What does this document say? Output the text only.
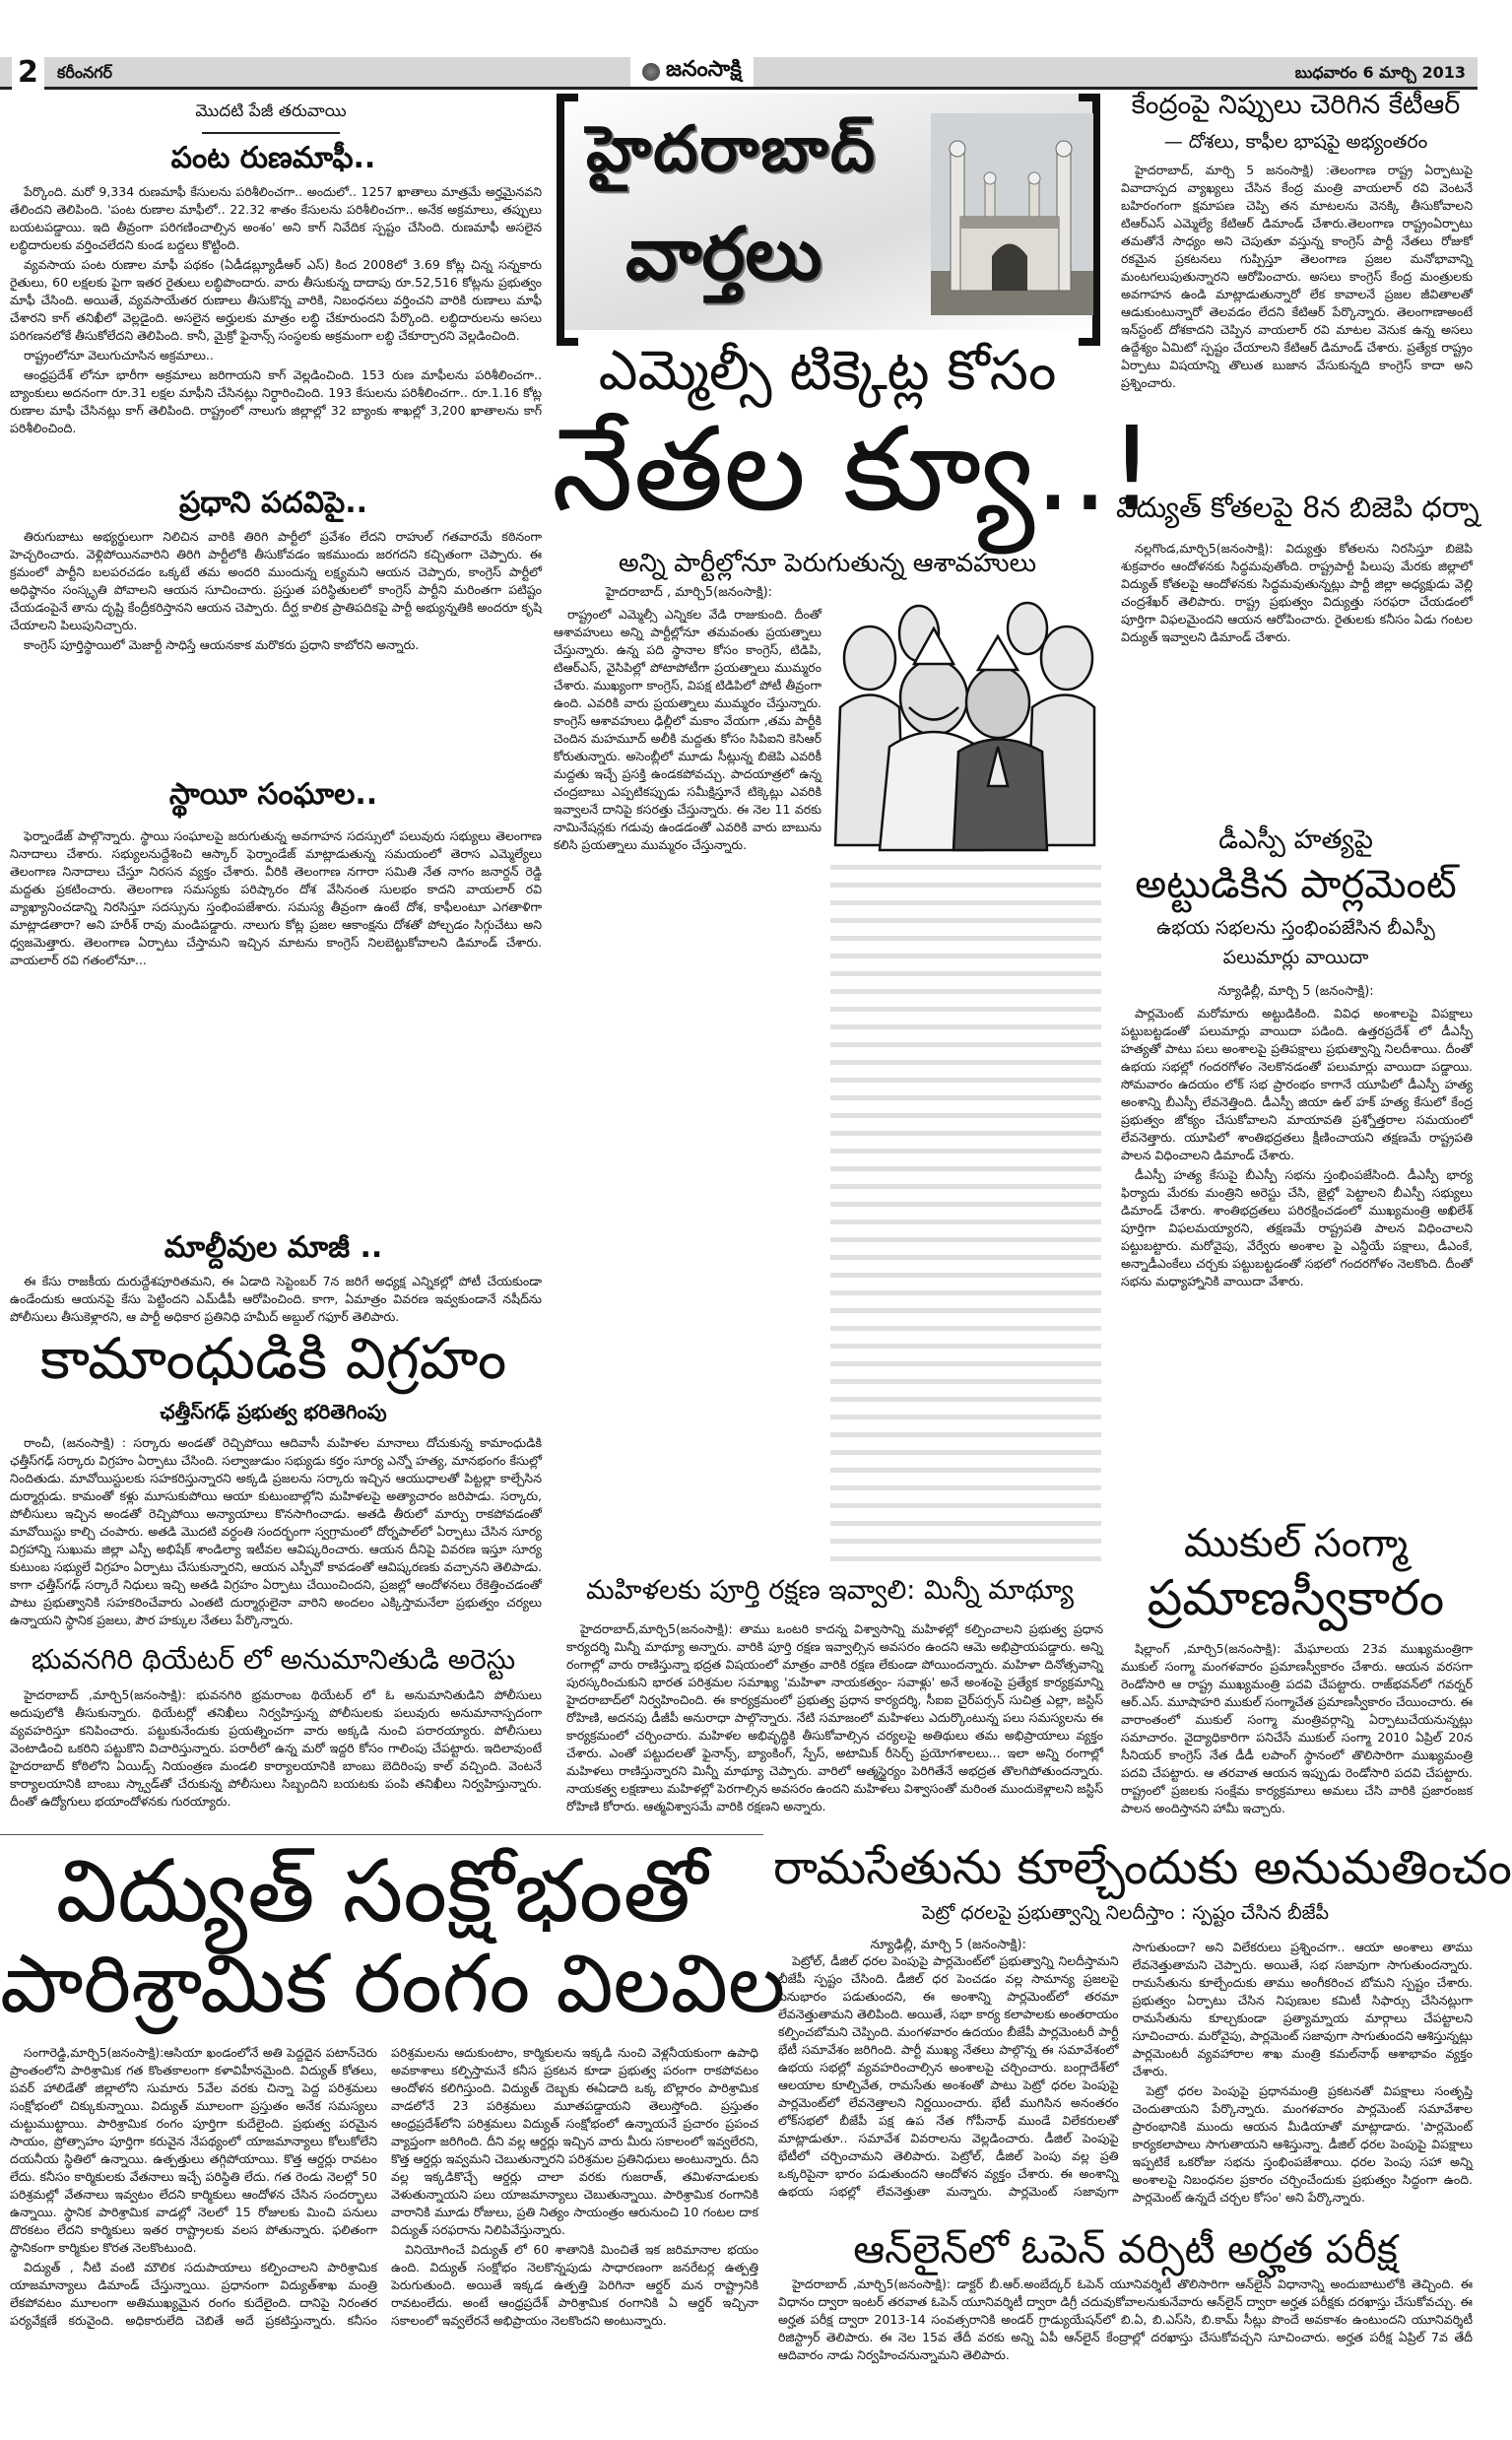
2	కరీంనగర్	జనంసాక్షి	బుధవారం 6 మార్చి 2013
మొదటి పేజీ తరువాయి
పంట రుణమాఫీ..

పేర్కొంది. మరో 9,334 రుణమాఫీ కేసులను పరిశీలించగా.. అందులో.. 1257 ఖాతాలు మాత్రమే అర్హమైనవని తేలిందని తెలిపింది. 'పంట రుణాల మాఫీలో.. 22.32 శాతం కేసులను పరిశీలించగా.. అనేక అక్రమాలు, తప్పులు బయటపడ్డాయి. ఇది తీవ్రంగా పరిగణించాల్సిన అంశం' అని కాగ్ నివేదిక స్పష్టం చేసింది. రుణమాఫీ అసలైన లబ్ధిదారులకు వర్తించలేదని కుండ బద్దలు కొట్టింది.

వ్యవసాయ పంట రుణాల మాఫీ పథకం (ఏడీడబ్ల్యూడీఆర్ ఎస్) కింద 2008లో 3.69 కోట్ల చిన్న సన్నకారు రైతులు, 60 లక్షలకు పైగా ఇతర రైతులు లబ్ధిపొందారు. వారు తీసుకున్న దాదాపు రూ.52,516 కోట్లను ప్రభుత్వం మాఫీ చేసింది. అయితే, వ్యవసాయేతర రుణాలు తీసుకొన్న వారికి, నిబంధనలు వర్తించని వారికి రుణాలు మాఫీ చేశారని కాగ్ తనిఖీలో వెల్లడైంది. అసలైన అర్హులకు మాత్రం లబ్ధి చేకూరుందని పేర్కొంది. లబ్ధిదారులను అసలు పరిగణనలోకే తీసుకోలేదని తెలిపింది. కానీ, మైక్రో ఫైనాన్స్ సంస్థలకు అక్రమంగా లబ్ధి చేకూర్చారని వెల్లడించింది.

రాష్ట్రంలోనూ వెలుగుచూసిన అక్రమాలు..

ఆంధ్రప్రదేశ్ లోనూ భారీగా అక్రమాలు జరిగాయని కాగ్ వెల్లడించింది. 153 రుణ మాఫీలను పరిశీలించగా.. బ్యాంకులు అదనంగా రూ.31 లక్షల మాఫీని చేసినట్లు నిర్ధారించింది. 193 కేసులను పరిశీలించగా.. రూ.1.16 కోట్ల రుణాల మాఫీ చేసినట్లు కాగ్ తెలిపింది. రాష్ట్రంలో నాలుగు జిల్లాల్లో 32 బ్యాంకు శాఖల్లో 3,200 ఖాతాలను కాగ్ పరిశీలించింది.

ప్రధాని పదవిపై..

తిరుగుబాటు అభ్యర్థులుగా నిలిచిన వారికి తిరిగి పార్టీలో ప్రవేశం లేదని రాహుల్ గతవారమే కఠినంగా హెచ్చరించారు. వెళ్లిపోయినవారిని తిరిగి పార్టీలోకి తీసుకోవడం ఇకముందు జరగదని కచ్చితంగా చెప్పారు. ఈ క్రమంలో పార్టీని బలపరచడం ఒక్కటే తమ అందరి ముందున్న లక్ష్యమని ఆయన చెప్పారు, కాంగ్రెస్ పార్టీలో అధిష్ఠానం సంస్కృతి పోవాలని ఆయన సూచించారు. ప్రస్తుత పరిస్థితులలో కాంగ్రెస్ పార్టీని మరింతగా పటిష్టం చేయడంపైనే తాను దృష్టి కేంద్రీకరిస్తానని ఆయన చెప్పారు. దీర్ఘ కాలిక ప్రాతిపదికపై పార్టీ అభ్యున్నతికి అందరూ కృషి చేయాలని పిలుపునిచ్చారు.

కాంగ్రెస్ పూర్తిస్థాయిలో మెజార్టీ సాధిస్తే ఆయనకాక మరొకరు ప్రధాని కాబోరని అన్నారు.

స్థాయీ సంఘాల..

ఫెర్నాండేజ్ పాల్గొన్నారు. స్థాయి సంఘాలపై జరుగుతున్న అవగాహన సదస్సులో పలువురు సభ్యులు తెలంగాణ నినాదాలు చేశారు. సభ్యులనుద్దేశించి ఆస్కార్ ఫెర్నాండేజ్ మాట్లాడుతున్న సమయంలో తెరాస ఎమ్మెల్యేలు తెలంగాణ నినాదాలు చేస్తూ నిరసన వ్యక్తం చేశారు. వీరికి తెలంగాణ నగారా సమితి నేత నాగం జనార్దన్ రెడ్డి మద్దతు ప్రకటించారు. తెలంగాణ సమస్యకు పరిష్కారం దోశ వేసినంత సులభం కాదని వాయలార్ రవి వ్యాఖ్యానించడాన్ని నిరసిస్తూ సదస్సును స్తంభింపజేశారు. సమస్య తీవ్రంగా ఉంటే దోశ, కాఫీలంటూ ఎగతాళిగా మాట్లాడతారా? అని హరీశ్ రావు మండిపడ్డారు. నాలుగు కోట్ల ప్రజల ఆకాంక్షను దోశతో పోల్చడం సిగ్గుచేటు అని ధ్వజమెత్తారు. తెలంగాణ ఏర్పాటు చేస్తామని ఇచ్చిన మాటను కాంగ్రెస్ నిలబెట్టుకోవాలని డిమాండ్ చేశారు. వాయలార్ రవి గతంలోనూ...

మాల్దీవుల మాజీ ..

ఈ కేసు రాజకీయ దురుద్దేశపూరితమని, ఈ ఏడాది సెప్టెంబర్ 7న జరిగే అధ్యక్ష ఎన్నికల్లో పోటీ చేయకుండా ఉండేందుకు ఆయనపై కేసు పెట్టిందని ఎమ్‌డీపీ ఆరోపించింది. కాగా, ఏమాత్రం వివరణ ఇవ్వకుండానే నషీద్‌ను పోలీసులు తీసుకెళ్లారని, ఆ పార్టీ అధికార ప్రతినిధి హమీద్ అబ్దుల్ గఫూర్ తెలిపారు.

కామాంధుడికి విగ్రహం
ఛత్తీస్‌గఢ్ ప్రభుత్వ భరితెగింపు

రాంచీ, (జనంసాక్షి) : సర్కారు అండతో రెచ్చిపోయి ఆదివాసీ మహిళల మానాలు దోచుకున్న కామాంధుడికి ఛత్తీస్‌గఢ్ సర్కారు విగ్రహం ఏర్పాటు చేసింది. సల్వాజుడుం సభ్యుడు కర్తం సూర్య ఎన్నో హత్య, మానభంగం కేసుల్లో నిందితుడు. మావోయిస్టులకు సహకరిస్తున్నారని అక్కడి ప్రజలను సర్కారు ఇచ్చిన ఆయుధాలతో పిట్టల్లా కాల్చేసిన దుర్మార్గుడు. కామంతో కళ్లు మూసుకుపోయి ఆయా కుటుంబాల్లోని మహిళలపై అత్యాచారం జరిపాడు. సర్కారు, పోలీసులు ఇచ్చిన అండతో రెచ్చిపోయి అన్యాయాలు కొనసాగించాడు. అతడి తీరులో మార్పు రాకపోవడంతో మావోయిస్టు కాల్చి చంపారు. అతడి మొదటి వర్ధంతి సందర్భంగా స్వగ్రామంలో దోర్నపాల్‌లో ఏర్పాటు చేసిన సూర్య విగ్రహాన్ని సుఖుమ జిల్లా ఎస్పీ అభిషేక్ శాండిల్యా ఇటీవల ఆవిష్కరించారు. ఆయన దీనిపై వివరణ ఇస్తూ సూర్య కుటుంబ సభ్యులే విగ్రహం ఏర్పాటు చేసుకున్నారని, ఆయన ఎస్పీవో కావడంతో ఆవిష్కరణకు వచ్చానని తెలిపాడు. కాగా ఛత్తీస్‌గఢ్ సర్కారే నిధులు ఇచ్చి అతడి విగ్రహం ఏర్పాటు చేయించిందని, ప్రజల్లో ఆందోళనలు రేకెత్తించడంతో పాటు ప్రభుత్వానికి సహకరించేవారు ఎంతటి దుర్మార్గులైనా వారిని అందలం ఎక్కిస్తామనేలా ప్రభుత్వం చర్యలు ఉన్నాయని స్థానిక ప్రజలు, పౌర హక్కుల నేతలు పేర్కొన్నారు.

భువనగిరి థియేటర్ లో అనుమానితుడి అరెస్టు

హైదరాబాద్ ,మార్చి5(జనంసాక్షి): భువనగిరి భ్రమరాంబ థియేటర్ లో ఓ అనుమానితుడిని పోలీసులు అదుపులోకి తీసుకున్నారు. థియేటర్లో తనిఖీలు నిర్వహిస్తున్న పోలీసులకు పలువురు అనుమానాస్పదంగా వ్యవహరిస్తూ కనిపించారు. పట్టుకునేందుకు ప్రయత్నించగా వారు అక్కడి నుంచి పరారయ్యారు. పోలీసులు వెంటాడించి ఒకరిని పట్టుకొని విచారిస్తున్నారు. పరారీలో ఉన్న మరో ఇద్దరి కోసం గాలింపు చేపట్టారు. ఇదిలావుంటే హైదరాబాద్ కోఠిలోని ఏయిడ్స్ నియంత్రణ మండలి కార్యాలయానికి బాంబు బెదిరింపు కాల్ వచ్చింది. వెంటనే కార్యాలయానికి బాంబు స్క్వాడ్‌తో చేరుకున్న పోలీసులు సిబ్బందిని బయటకు పంపి తనిఖీలు నిర్వహిస్తున్నారు. దీంతో ఉద్యోగులు భయాందోళనకు గురయ్యారు.

హైదరాబాద్
వార్తలు
ఎమ్మెల్సీ టిక్కెట్ల కోసం
నేతల క్యూ..!
అన్ని పార్టీల్లోనూ పెరుగుతున్న ఆశావహులు
హైదరాబాద్ , మార్చి5(జనంసాక్షి):

రాష్ట్రంలో ఎమ్మెల్సీ ఎన్నికల వేడి రాజుకుంది. దీంతో ఆశావహులు అన్ని పార్టీల్లోనూ తమవంతు ప్రయత్నాలు చేస్తున్నారు. ఉన్న పది స్థానాల కోసం కాంగ్రెస్, టిడిపి, టిఆర్ఎస్, వైసిపిల్లో పోటాపోటీగా ప్రయత్నాలు ముమ్మరం చేశారు. ముఖ్యంగా కాంగ్రెస్, విపక్ష టిడిపిలో పోటీ తీవ్రంగా ఉంది. ఎవరికి వారు ప్రయత్నాలు ముమ్మరం చేస్తున్నారు. కాంగ్రెస్ ఆశావహులు ఢిల్లీలో మకాం వేయగా ,తమ పార్టీకి చెందిన మహమూద్ అలీకి మద్దతు కోసం సిపిఐని కెసిఆర్ కోరుతున్నారు. అసెంబ్లీలో మూడు సీట్లున్న బిజెపి ఎవరికీ మద్దతు ఇచ్చే ప్రసక్తి ఉండకపోవచ్చు. పాదయాత్రలో ఉన్న చంద్రబాబు ఎప్పటికప్పుడు సమీక్షిస్తూనే టిక్కెట్లు ఎవరికి ఇవ్వాలనే దానిపై కసరత్తు చేస్తున్నారు. ఈ నెల 11 వరకు నామినేషన్లకు గడువు ఉండడంతో ఎవరికి వారు బాబును కలిసి ప్రయత్నాలు ముమ్మరం చేస్తున్నారు.

మహిళలకు పూర్తి రక్షణ ఇవ్వాలి: మిన్నీ మాథ్యూ

హైదరాబాద్,మార్చి5(జనంసాక్షి): తాము ఒంటరి కాదన్న విశ్వాసాన్ని మహిళల్లో కల్పించాలని ప్రభుత్వ ప్రధాన కార్యదర్శి మిన్నీ మాథ్యూ అన్నారు. వారికి పూర్తి రక్షణ ఇవ్వాల్సిన అవసరం ఉందని ఆమె అభిప్రాయపడ్డారు. అన్ని రంగాల్లో వారు రాణిస్తున్నా భద్రత విషయంలో మాత్రం వారికి రక్షణ లేకుండా పోయిందన్నారు. మహిళా దినోత్సవాన్ని పురస్కరించుకుని భారత పరిశ్రమల సమాఖ్య 'మహిళా నాయకత్వం- సవాళ్లు' అనే అంశంపై ప్రత్యేక కార్యక్రమాన్ని హైదరాబాద్‌లో నిర్వహించింది. ఈ కార్యక్రమంలో ప్రభుత్వ ప్రధాన కార్యదర్శి, సీఐఐ చైర్‌పర్సన్ సుచిత్ర ఎల్లా, జస్టిస్ రోహిణి, అదనపు డీజీపీ అనురాధా పాల్గొన్నారు. నేటి సమాజంలో మహిళలు ఎదుర్కొంటున్న పలు సమస్యలను ఈ కార్యక్రమంలో చర్చించారు. మహిళల అభివృద్ధికి తీసుకోవాల్సిన చర్యలపై అతిథులు తమ అభిప్రాయాలు వ్యక్తం చేశారు. ఎంతో పట్టుదలతో ఫైనాన్స్, బ్యాంకింగ్, స్పేస్, అటామిక్ రీసెర్చ్ ప్రయోగశాలలు... ఇలా అన్ని రంగాల్లో మహిళలు రాణిస్తున్నారని మిన్నీ మాథ్యూ చెప్పారు. వారిలో ఆత్మస్థైర్యం పెరిగితేనే అభద్రత తొలగిపోతుందన్నారు. నాయకత్వ లక్షణాలు మహిళల్లో పెరగాల్సిన అవసరం ఉందని మహిళలు విశ్వాసంతో మరింత ముందుకెళ్లాలని జస్టిస్ రోహిణి కోరారు. ఆత్మవిశ్వాసమే వారికి రక్షణని అన్నారు.

కేంద్రంపై నిప్పులు చెరిగిన కేటీఆర్
— దోశలు, కాఫీల భాషపై అభ్యంతరం

హైదరాబాద్, మార్చి 5 జనంసాక్షి) :తెలంగాణ రాష్ట్ర ఏర్పాటుపై వివాదాస్పద వ్యాఖ్యలు చేసిన కేంద్ర మంత్రి వాయలార్ రవి వెంటనే బహిరంగంగా క్షమాపణ చెప్పి తన మాటలను వెనక్కి తీసుకోవాలని టిఆర్ఎస్ ఎమ్మెల్యే కేటిఆర్ డిమాండ్ చేశారు.తెలంగాణ రాష్ట్రంఏర్పాటు తమతోనే సాధ్యం అని చెపుతూ వస్తున్న కాంగ్రెస్ పార్టీ నేతలు రోజుకో రకమైన ప్రకటనలు గుప్పిస్తూ తెలంగాణ ప్రజల మనోభావాన్ని మంటగలుపుతున్నారని ఆరోపించారు. అసలు కాంగ్రెస్ కేంద్ర మంత్రులకు అవగాహన ఉండి మాట్లాడుతున్నారో లేక కావాలనే ప్రజల జీవితాలతో ఆడుకుంటున్నారో తెలవడం లేదని కేటిఆర్ పేర్కొన్నారు. తెలంగాణాఅంటే ఇన్‌స్టంట్ దోశకాదని చెప్పిన వాయలార్ రవి మాటల వెనుక ఉన్న అసలు ఉద్దేశ్యం ఏమిటో స్పష్టం చేయాలని కేటిఆర్ డిమాండ్ చేశారు. ప్రత్యేక రాష్ట్రం ఏర్పాటు విషయాన్ని తొలుత బుజాన వేసుకున్నది కాంగ్రెస్ కాదా అని ప్రశ్నించారు.

విద్యుత్ కోతలపై 8న బిజెపి ధర్నా

నల్లగొండ,మార్చి5(జనంసాక్షి): విద్యుత్తు కోతలను నిరసిస్తూ బిజెపి శుక్రవారం ఆందోళనకు సిద్ధమవుతోంది. రాష్ట్రపార్టీ పిలుపు మేరకు జిల్లాలో విద్యుత్ కోతలపై ఆందోళనకు సిద్ధమవుతున్నట్లు పార్టీ జిల్లా అధ్యక్షుడు వెల్లి చంద్రశేఖర్ తెలిపారు. రాష్ట్ర ప్రభుత్వం విద్యుత్తు సరఫరా చేయడంలో పూర్తిగా విఫలమైందని ఆయన ఆరోపించారు. రైతులకు కనీసం ఏడు గంటల విద్యుత్ ఇవ్వాలని డిమాండ్ చేశారు.

డీఎస్పీ హత్యపై
అట్టుడికిన పార్లమెంట్
ఉభయ సభలను స్తంభింపజేసిన బీఎస్పీ
పలుమార్లు వాయిదా
న్యూఢిల్లీ, మార్చి 5 (జనంసాక్షి):

పార్లమెంట్ మరోమారు అట్టుడికింది. వివిధ అంశాలపై విపక్షాలు పట్టుబట్టడంతో పలుమార్లు వాయిదా పడింది. ఉత్తరప్రదేశ్ లో డీఎస్పీ హత్యతో పాటు పలు అంశాలపై ప్రతిపక్షాలు ప్రభుత్వాన్ని నిలదీశాయి. దీంతో ఉభయ సభల్లో గందరగోళం నెలకొనడంతో పలుమార్లు వాయిదా పడ్డాయి. సోమవారం ఉదయం లోక్ సభ ప్రారంభం కాగానే యూపిలో డీఎస్పీ హత్య అంశాన్ని బీఎస్పీ లేవనెత్తింది. డీఎస్పీ జియా ఉల్ హక్ హత్య కేసులో కేంద్ర ప్రభుత్వం జోక్యం చేసుకోవాలని మాయావతి ప్రశ్నోత్తరాల సమయంలో లేవనెత్తారు. యూపిలో శాంతిభద్రతలు క్షీణించాయని తక్షణమే రాష్ట్రపతి పాలన విధించాలని డిమాండ్ చేశారు.

డీఎస్పీ హత్య కేసుపై బీఎస్పీ సభను స్తంభింపజేసింది. డీఎస్పీ భార్య ఫిర్యాదు మేరకు మంత్రిని అరెస్టు చేసి, జైల్లో పెట్టాలని బీఎస్పీ సభ్యులు డిమాండ్ చేశారు. శాంతిభద్రతలు పరిరక్షించడంలో ముఖ్యమంత్రి అఖిలేశ్ పూర్తిగా విఫలమయ్యారని, తక్షణమే రాష్ట్రపతి పాలన విధించాలని పట్టుబట్టారు. మరోవైపు, వేర్వేరు అంశాల పై ఎన్డీయే పక్షాలు, డీఎంకే, అన్నాడీఎంకేలు చర్చకు పట్టుబట్టడంతో సభలో గందరగోళం నెలకొంది. దీంతో సభను మధ్యాహ్నానికి వాయిదా వేశారు.

ముకుల్ సంగ్మా
ప్రమాణస్వీకారం

షిల్లాంగ్ ,మార్చి5(జనంసాక్షి): మేఘాలయ 23వ ముఖ్యమంత్రిగా ముకుల్ సంగ్మా మంగళవారం ప్రమాణస్వీకారం చేశారు. ఆయన వరసగా రెండోసారి ఆ రాష్ట్ర ముఖ్యమంత్రి పదవి చేపట్టారు. రాజ్‌భవన్‌లో గవర్నర్ ఆర్.ఎస్. మూషాహరి ముకుల్ సంగ్మాచేత ప్రమాణస్వీకారం చేయించారు. ఈ వారాంతంలో ముకుల్ సంగ్మా మంత్రివర్గాన్ని ఏర్పాటుచేయనున్నట్లు సమాచారం. వైద్యాధికారిగా పనిచేసే ముకుల్ సంగ్మా 2010 ఏప్రిల్ 20న సీనియర్ కాంగ్రెస్ నేత డీడీ లపాంగ్ స్థానంలో తొలిసారిగా ముఖ్యమంత్రి పదవి చేపట్టారు. ఆ తరవాత ఆయన ఇప్పుడు రెండోసారి పదవి చేపట్టారు. రాష్ట్రంలో ప్రజలకు సంక్షేమ కార్యక్రమాలు అమలు చేసి వారికి ప్రజారంజక పాలన అందిస్తానని హామీ ఇచ్చారు.

విద్యుత్ సంక్షోభంతో
పారిశ్రామిక రంగం విలవిల

సంగారెడ్డి,మార్చి5(జనంసాక్షి):ఆసియా ఖండంలోనే అతి పెద్దదైన పటాన్‌చెరు ప్రాంతంలోని పారిశ్రామిక గత కొంతకాలంగా కళావిహీనమైంది. విద్యుత్ కోతలు, పవర్ హాలిడేతో జిల్లాలోని సుమారు 5వేల వరకు చిన్నా పెద్ద పరిశ్రమలు సంక్షోభంలో చిక్కుకున్నాయి. విద్యుత్ మూలంగా ప్రస్తుతం అనేక సమస్యలు చుట్టుముట్టాయి. పారిశ్రామిక రంగం పూర్తిగా కుదేలైంది. ప్రభుత్వ పరమైన సాయం, ప్రోత్సాహం పూర్తిగా కరువైన నేపథ్యంలో యాజమాన్యాలు కోలుకోలేని దయనీయ స్థితిలో ఉన్నాయి. ఉత్పత్తులు తగ్గిపోయాయి. కొత్త ఆర్డర్లు రావటం లేదు. కనీసం కార్మికులకు వేతనాలు ఇచ్చే పరిస్థితి లేదు. గత రెండు నెలల్లో 50 పరిశ్రమల్లో వేతనాలు ఇవ్వటం లేదని కార్మికులు ఆందోళన చేసిన సందర్భాలు ఉన్నాయి. స్థానిక పారిశ్రామిక వాడల్లో నెలలో 15 రోజులకు మించి పనులు దొరకటం లేదని కార్మికులు ఇతర రాష్ట్రాలకు వలస పోతున్నారు. ఫలితంగా స్థానికంగా కార్మికుల కొరత నెలకొంటుంది.

విద్యుత్ , నీటి వంటి మౌలిక సదుపాయాలు కల్పించాలని పారిశ్రామిక యాజమాన్యాలు డిమాండ్ చేస్తున్నాయి. ప్రధానంగా విద్యుత్‌శాఖ మంత్రి లేకపోవటం మూలంగా అతిముఖ్యమైన రంగం కుదేలైంది. దానిపై నిరంతర పర్యవేక్షణే కరువైంది. అధికారులేది చెబితే అదే ప్రకటిస్తున్నారు. కనీసం పరిశ్రమలను ఆదుకుంటాం, కార్మికులను ఇక్కడి నుంచి వెళ్లనీయకుంగా ఉపాధి అవకాశాలు కల్పిస్తామనే కనీస ప్రకటన కూడా ప్రభుత్వ పరంగా రాకపోవటం ఆందోళన కలిగిస్తుంది. విద్యుత్ దెబ్బకు ఈఏడాది ఒక్క బొల్లారం పారిశ్రామిక వాడలోనే 23 పరిశ్రమలు మూతపడ్డాయని తెలుస్తోంది. ప్రస్తుతం ఆంధ్రప్రదేశ్‌లోని పరిశ్రమలు విద్యుత్ సంక్షోభంలో ఉన్నాయనే ప్రచారం ప్రపంచ వ్యాప్తంగా జరిగింది. దీని వల్ల ఆర్డర్లు ఇచ్చిన వారు మీరు సకాలంలో ఇవ్వలేరని, కొత్త ఆర్డర్లు ఇవ్వమని చెబుతున్నారని పరిశ్రమల ప్రతినిధులు అంటున్నారు. దీని వల్ల ఇక్కడికొచ్చే ఆర్డర్లు చాలా వరకు గుజరాత్, తమిళనాడులకు వెళుతున్నాయని పలు యాజమాన్యాలు చెబుతున్నాయి. పారిశ్రామిక రంగానికి వారానికి మూడు రోజులు, ప్రతి నిత్యం సాయంత్రం ఆరునుంచి 10 గంటల దాక విద్యుత్ సరఫరాను నిలిపివేస్తున్నారు.

వినియోగించే విద్యుత్ లో 60 శాతానికి మించితే ఇక జరిమానాల భయం ఉంది. విద్యుత్ సంక్షోభం నెలకొన్నపుడు సాధారణంగా జనరేటర్ల ఉత్పత్తి పెరుగుతుంది. అయితే ఇక్కడ ఉత్పత్తి పెరిగినా ఆర్డర్ మన రాష్ట్రానికి రావటంలేదు. అంటే ఆంధ్రప్రదేశ్ పారిశ్రామిక రంగానికి ఏ ఆర్డర్ ఇచ్చినా సకాలంలో ఇవ్వలేరనే అభిప్రాయం నెలకొందని అంటున్నారు.

రామసేతును కూల్చేందుకు అనుమతించం
పెట్రో ధరలపై ప్రభుత్వాన్ని నిలదీస్తాం : స్పష్టం చేసిన బీజేపీ
న్యూఢిల్లీ, మార్చి 5 (జనంసాక్షి):

పెట్రోల్, డీజిల్ ధరల పెంపుపై పార్లమెంట్‌లో ప్రభుత్వాన్ని నిలదీస్తామని బీజేపీ స్పష్టం చేసింది. డీజిల్ ధర పెంచడం వల్ల సామాన్య ప్రజలపై పెనుభారం పడుతుందని, ఈ అంశాన్ని పార్లమెంట్‌లో తరమా లేవనెత్తుతామని తెలిపింది. అయితే, సభా కార్య కలాపాలకు అంతరాయం కల్పించబోమని చెప్పింది. మంగళవారం ఉదయం బీజేపీ పార్లమెంటరీ పార్టీ భేటీ సమావేశం జరిగింది. పార్టీ ముఖ్య నేతలు పాల్గొన్న ఈ సమావేశంలో ఉభయ సభల్లో వ్యవహరించాల్సిన అంశాలపై చర్చించారు. బంగ్లాదేశ్‌లో ఆలయాల కూల్చివేత, రామసేతు అంశంతో పాటు పెట్రో ధరల పెంపుపై పార్లమెంట్‌లో లేవనెత్తాలని నిర్ణయించారు. భేటీ ముగిసిన అనంతరం లోక్‌సభలో బీజేపీ పక్ష ఉప నేత గోపీనాథ్ ముండే విలేకరులతో మాట్లాడుతూ.. సమావేశ వివరాలను వెల్లడించారు. డీజిల్ పెంపుపై భేటీలో చర్చించామని తెలిపారు. పెట్రోల్, డీజిల్ పెంపు వల్ల ప్రతి ఒక్కరిపైనా భారం పడుతుందని ఆందోళన వ్యక్తం చేశారు. ఈ అంశాన్ని ఉభయ సభల్లో లేవనెత్తుతా మన్నారు. పార్లమెంట్ సజావుగా సాగుతుందా? అని విలేకరులు ప్రశ్నించగా.. ఆయా అంశాలు తాము లేవనెత్తుతామని చెప్పారు. అయితే, సభ సజావుగా సాగుతుందన్నారు. రామసేతును కూల్చేందుకు తాము అంగీకరించ బోమని స్పష్టం చేశారు. ప్రభుత్వం ఏర్పాటు చేసిన నిపుణుల కమిటీ సిఫార్సు చేసినట్లుగా రామసేతును కూల్చకుండా ప్రత్యామ్నాయ మార్గాలు చేపట్టాలని సూచించారు. మరోవైపు, పార్లమెంట్ సజావుగా సాగుతుందని ఆశిస్తున్నట్లు పార్లమెంటరీ వ్యవహారాల శాఖ మంత్రి కమల్‌నాథ్ ఆశాభావం వ్యక్తం చేశారు.

పెట్రో ధరల పెంపుపై ప్రధానమంత్రి ప్రకటనతో విపక్షాలు సంతృప్తి చెందుతాయని పేర్కొన్నారు. మంగళవారం పార్లమెంట్ సమావేశాల ప్రారంభానికి ముందు ఆయన మీడియాతో మాట్లాడారు. 'పార్లమెంట్ కార్యకలాపాలు సాగుతాయని ఆశిస్తున్నా. డీజిల్ ధరల పెంపుపై విపక్షాలు ఇప్పటికే ఒకరోజు సభను స్తంభింపజేశాయి. ధరల పెంపు సహా అన్ని అంశాలపై నిబంధనల ప్రకారం చర్చించేందుకు ప్రభుత్వం సిద్ధంగా ఉంది. పార్లమెంట్ ఉన్నదే చర్చల కోసం' అని పేర్కొన్నారు.

ఆన్‌లైన్‌లో ఓపెన్ వర్సిటీ అర్హత పరీక్ష

హైదరాబాద్ ,మార్చి5(జనంసాక్షి): డాక్టర్ బీ.ఆర్.అంబేద్కర్ ఓపెన్ యూనివర్శిటీ తొలిసారిగా ఆన్‌లైన్ విధానాన్ని అందుబాటులోకి తెచ్చింది. ఈ విధానం ద్వారా ఇంటర్ తరవాత ఓపెన్ యూనివర్శిటీ ద్వారా డిగ్రీ చదువుకోవాలనుకునేవారు ఆన్‌లైన్ ద్వారా అర్హత పరీక్షకు దరఖాస్తు చేసుకోవచ్చు. ఈ అర్హత పరీక్ష ద్వారా 2013-14 సంవత్సరానికి అండర్ గ్రాడ్యుయేషన్‌లో బి.ఏ, బి.ఎస్‌సి, బి.కామ్ సీట్లు పొందే అవకాశం ఉంటుందని యూనివర్శిటీ రిజిస్ట్రార్ తెలిపారు. ఈ నెల 15వ తేదీ వరకు అన్ని ఏపీ ఆన్‌లైన్ కేంద్రాల్లో దరఖాస్తు చేసుకోవచ్చని సూచించారు. అర్హత పరీక్ష ఏప్రిల్ 7వ తేదీ ఆదివారం నాడు నిర్వహించనున్నామని తెలిపారు.
